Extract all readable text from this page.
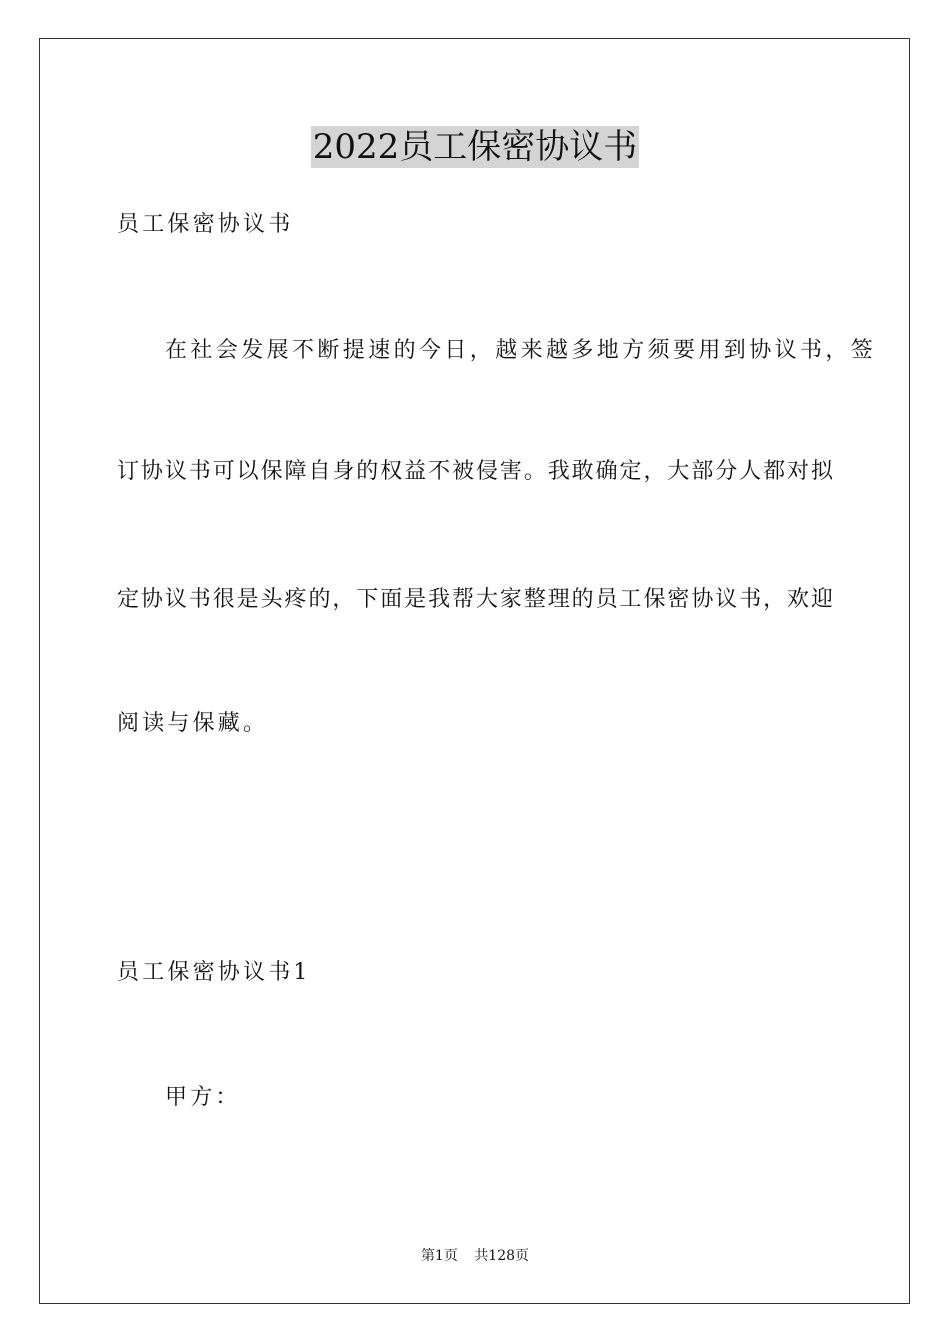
2022员工保密协议书
员工保密协议书
在社会发展不断提速的今日，越来越多地方须要用到协议书，签
订协议书可以保障自身的权益不被侵害。我敢确定，大部分人都对拟
定协议书很是头疼的，下面是我帮大家整理的员工保密协议书，欢迎
阅读与保藏。
员工保密协议书1
甲方：
第1页 共128页
